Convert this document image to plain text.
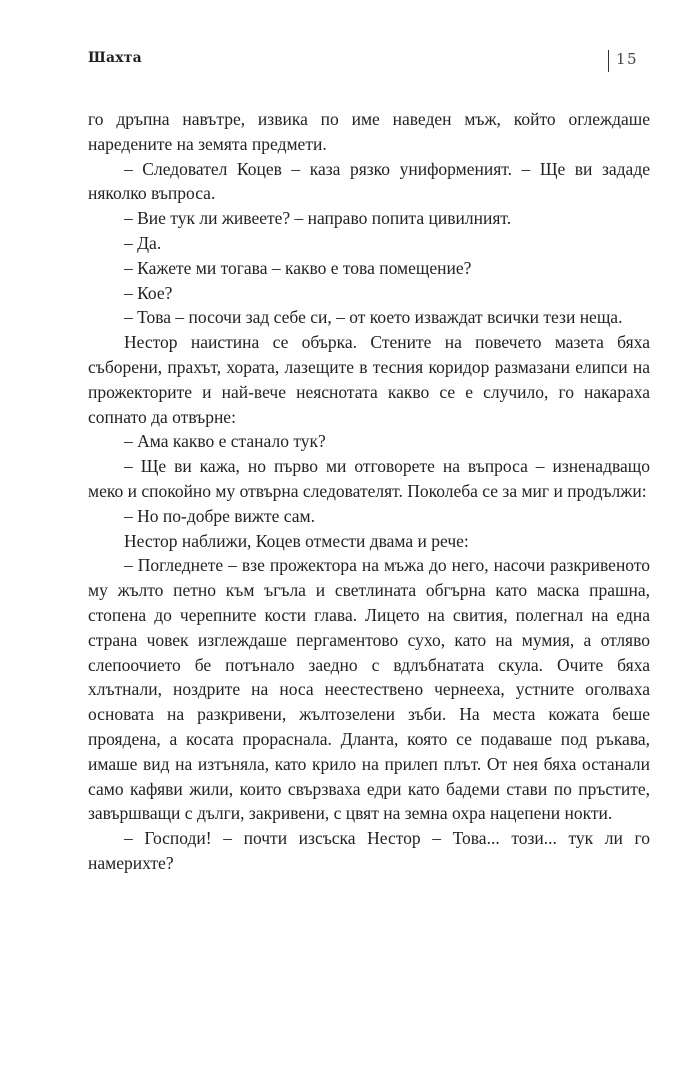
Шахта	15

го дръпна навътре, извика по име наведен мъж, който оглеждаше наредените на земята предмети.

– Следовател Коцев – каза рязко униформеният. – Ще ви зададе няколко въпроса.

– Вие тук ли живеете? – направо попита цивилният.

– Да.

– Кажете ми тогава – какво е това помещение?

– Кое?

– Това – посочи зад себе си, – от което изваждат всички тези неща.

Нестор наистина се обърка. Стените на повечето мазета бяха съборени, прахът, хората, лазещите в тесния коридор размазани елипси на прожекторите и най-вече неяснотата какво се е случило, го накараха сопнато да отвърне:

– Ама какво е станало тук?

– Ще ви кажа, но първо ми отговорете на въпроса – изненадващо меко и спокойно му отвърна следователят. Поколеба се за миг и продължи:

– Но по-добре вижте сам.

Нестор наближи, Коцев отмести двама и рече:

– Погледнете – взе прожектора на мъжа до него, насочи разкривеното му жълто петно към ъгъла и светлината обгърна като маска прашна, стопена до черепните кости глава. Лицето на свития, полегнал на една страна човек изглеждаше пергаментово сухо, като на мумия, а отляво слепоочието бе потънало заедно с вдлъбнатата скула. Очите бяха хлътнали, ноздрите на носа неестествено чернееха, устните оголваха основата на разкривени, жълтозелени зъби. На места кожата беше прояденa, а косата прораснала. Дланта, която се подаваше под ръкава, имаше вид на изтъняла, като крило на прилеп плът. От нея бяха останали само кафяви жили, които свързваха едри като бадеми стави по пръстите, завършващи с дълги, закривени, с цвят на земна охра нацепени нокти.

– Господи! – почти изсъска Нестор – Това... този... тук ли го намерихте?
